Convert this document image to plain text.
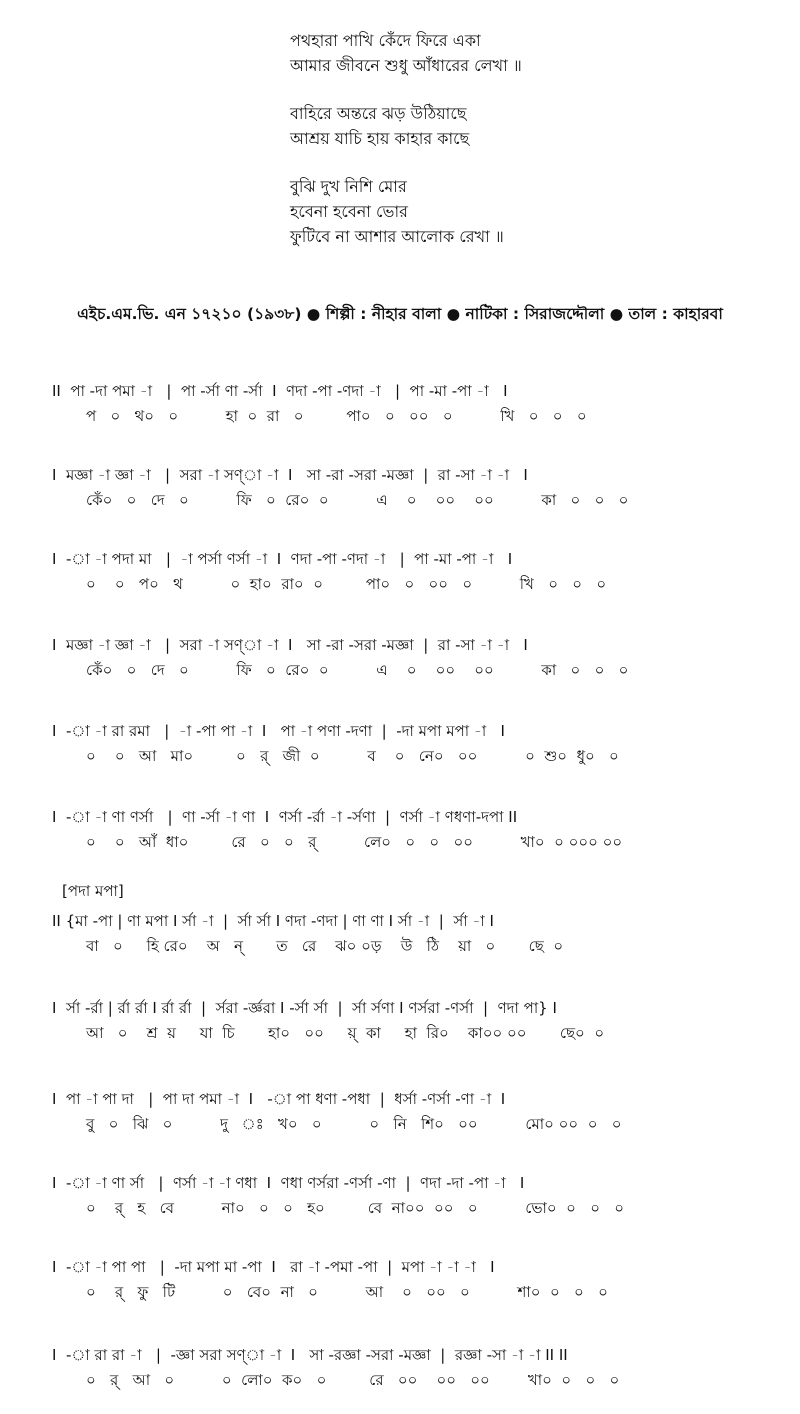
পথহারা পাখি কেঁদে ফিরে একা
আমার জীবনে শুধু আঁধারের লেখা ॥
বাহিরে অন্তরে ঝড় উঠিয়াছে
আশ্রয় যাচি হায় কাহার কাছে
বুঝি দুখ নিশি মোর
হবেনা হবেনা ভোর
ফুটিবে না আশার আলোক রেখা ॥
এইচ.এম.ভি. এন ১৭২১০ (১৯৩৮) ● শিল্পী : নীহার বালা ● নাটিকা : সিরাজদ্দৌলা ● তাল : কাহারবা
II  পা -দা পমা -া   |  পা -র্সা ণা -র্সা  I  ণদা -পা -ণদা -া   |  পা -মা -পা -া   I
প   ০   থ০   ০          হা  ০  রা   ০         পা০   ০   ০০   ০          খি   ০   ০   ০
I  মজ্ঞা -া জ্ঞা -া   |  সরা -া সণ্া -া  I   সা -রা -সরা -মজ্ঞা  |  রা -সা -া -া   I
কেঁ০   ০   দে   ০          ফি   ০  রে০  ০          এ    ০    ০০    ০০          কা   ০   ০   ০
I  -া -া পদা মা   |  -া পর্সা ণর্সা -া  I  ণদা -পা -ণদা -া   |  পা -মা -পা -া   I
০    ০   প০   থ          ০  হা০  রা০  ০         পা০   ০   ০০   ০          খি   ০   ০   ০
I  মজ্ঞা -া জ্ঞা -া   |  সরা -া সণ্া -া  I   সা -রা -সরা -মজ্ঞা  |  রা -সা -া -া   I
কেঁ০   ০   দে   ০          ফি   ০  রে০  ০          এ    ০    ০০    ০০          কা   ০   ০   ০
I  -া -া রা রমা   |  -া -পা পা -া  I   পা -া পণা -দণা  |  -দা মপা মপা -া   I
০    ০   আ   মা০         ০   র্   জী  ০          ব    ০   নে০   ০০          ০  শু০  ধু০   ০
I  -া -া ণা ণর্সা   |  ণা -র্সা -া ণা  I  ণর্সা -র্রা -া -র্সণা  |  ণর্সা -া ণধণা-দপা II
০    ০   আঁ  ধা০         রে   ০   ০   র্          লে০   ০   ০   ০০          খা০  ০ ০০০ ০০
[পদা মপা]
II {মা -পা | ণা মপা I র্সা -া  |  র্সা র্সা I ণদা -ণদা | ণা ণা I র্সা -া  |  র্সা -া I
বা   ০     হি রে০    অ   ন্       ত   রে    ঝ০ ০ড়    উ   ঠি    য়া   ০       ছে  ০
I  র্সা -র্রা | র্রা র্রা I র্রা র্রা  |  র্সরা -র্জ্ঞরা I -র্সা র্সা  |  র্সা র্সণা I ণর্সরা -ণর্সা  |  ণদা পা} I
আ   ০    শ্র  য়     যা  চি       হা০   ০০     য়্  কা     হা  রি০    কা০০ ০০       ছে০  ০
I  পা -া পা দা   |  পা দা পমা -া  I   -া পা ধণা -পধা  |  ধর্সা -ণর্সা -ণা -া  I
বু   ০   ঝি   ০          দু   ঃ   খ০   ০          ০   নি   শি০   ০০          মো০ ০০  ০   ০
I  -া -া ণা র্সা   |  ণর্সা -া -া ণধা  I  ণধা ণর্সরা -ণর্সা -ণা  |  ণদা -দা -পা -া   I
০    র্   হ   বে          না০   ০   ০   হ০         বে  না০০  ০০   ০          ভো০  ০   ০   ০
I  -া -া পা পা   |  -দা মপা মা -পা  I   রা -া -পমা -পা  |  মপা -া -া -া   I
০    র্   ফু   টি          ০   বে০  না   ০          আ    ০   ০০   ০          শা০  ০   ০   ০
I  -া রা রা -া   |  -জ্ঞা সরা সণ্া -া  I   সা -রজ্ঞা -সরা -মজ্ঞা  |  রজ্ঞা -সা -া -া II II
০   র্   আ   ০          ০  লো০  ক০   ০         রে   ০০    ০০   ০০        খা০  ০   ০   ০
